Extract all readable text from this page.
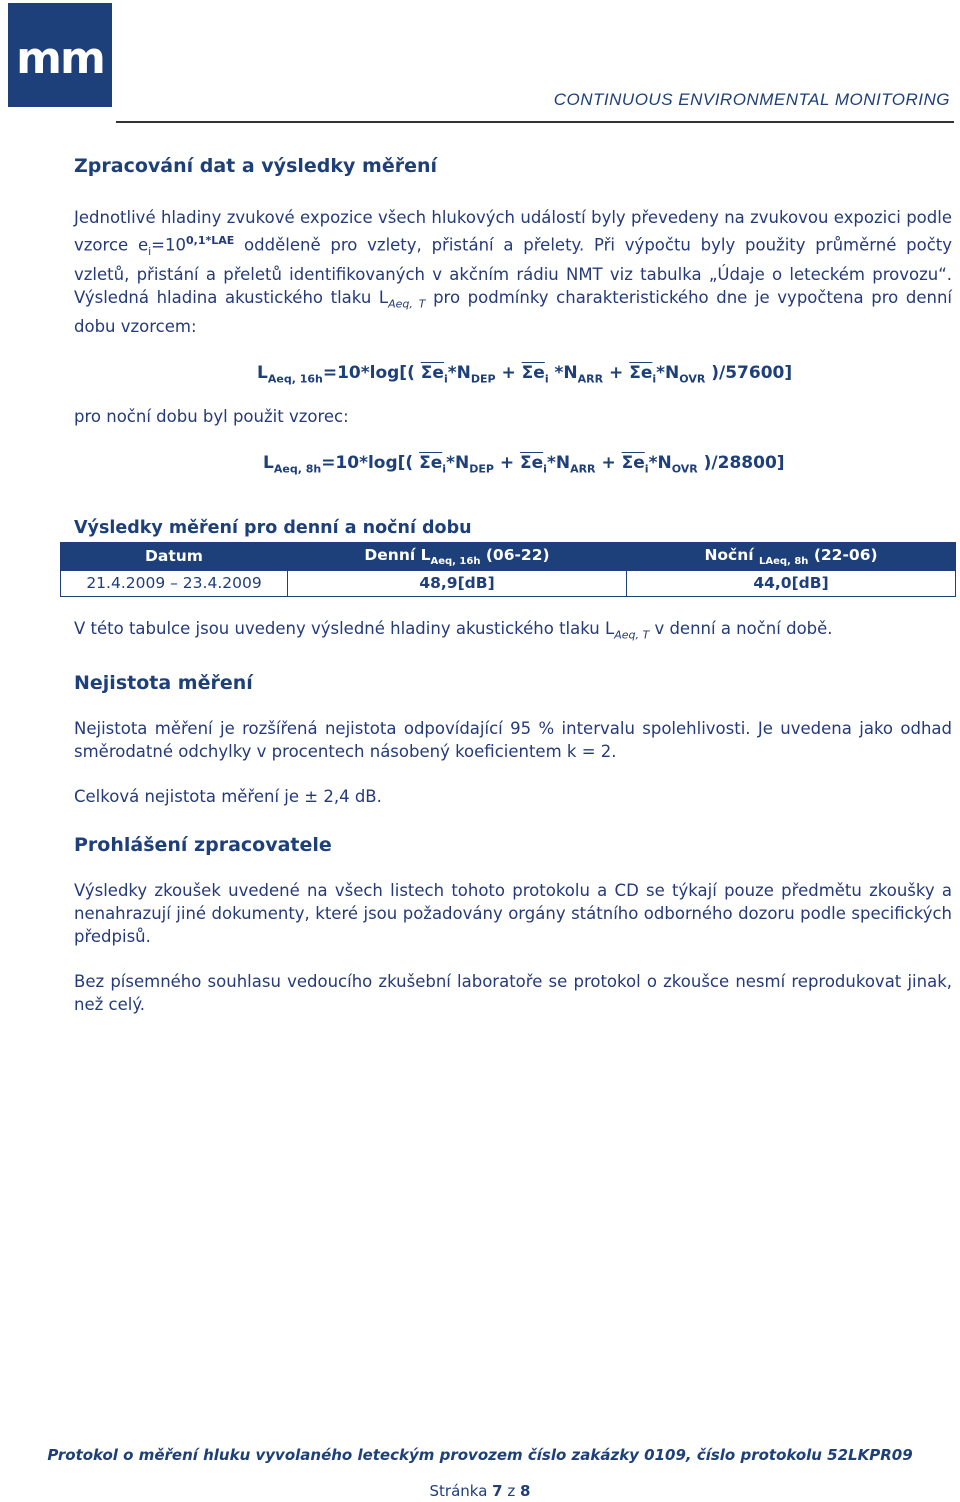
mm
CONTINUOUS ENVIRONMENTAL MONITORING
Zpracování dat a výsledky měření

Jednotlivé hladiny zvukové expozice všech hlukových událostí byly převedeny na zvukovou expozici podle vzorce $e_i=10^{0,1*LAE}$ odděleně pro vzlety, přistání a přelety. Při výpočtu byly použity průměrné počty vzletů, přistání a přeletů identifikovaných v akčním rádiu NMT viz tabulka „Údaje o leteckém provozu“. Výsledná hladina akustického tlaku $L_{Aeq, T}$ pro podmínky charakteristického dne je vypočtena pro denní dobu vzorcem:

$L_{Aeq, 16h}=10*\log$[( $\overline{\Sigma e}_i*N_{DEP} + \overline{\Sigma e}_i$ $*N_{ARR} + \overline{\Sigma e}_i*N_{OVR}$ )/57600]

pro noční dobu byl použit vzorec:

$L_{Aeq, 8h}=10*\log$[( $\overline{\Sigma e}_i*N_{DEP} + \overline{\Sigma e}_i*N_{ARR} + \overline{\Sigma e}_i*N_{OVR}$ )/28800]
Výsledky měření pro denní a noční dobu
Datum	Denní $L_{Aeq, 16h}$ (06-22)	Noční $_{LAeq, 8h}$ (22-06)
21.4.2009 – 23.4.2009	48,9[dB]	44,0[dB]

V této tabulce jsou uvedeny výsledné hladiny akustického tlaku $L_{Aeq, T}$ v denní a noční době.

Nejistota měření

Nejistota měření je rozšířená nejistota odpovídající 95 % intervalu spolehlivosti. Je uvedena jako odhad směrodatné odchylky v procentech násobený koeficientem k = 2.

Celková nejistota měření je ± 2,4 dB.

Prohlášení zpracovatele

Výsledky zkoušek uvedené na všech listech tohoto protokolu a CD se týkají pouze předmětu zkoušky a nenahrazují jiné dokumenty, které jsou požadovány orgány státního odborného dozoru podle specifických předpisů.

Bez písemného souhlasu vedoucího zkušební laboratoře se protokol o zkoušce nesmí reprodukovat jinak, než celý.

Protokol o měření hluku vyvolaného leteckým provozem číslo zakázky 0109, číslo protokolu 52LKPR09
Stránka 7 z 8
